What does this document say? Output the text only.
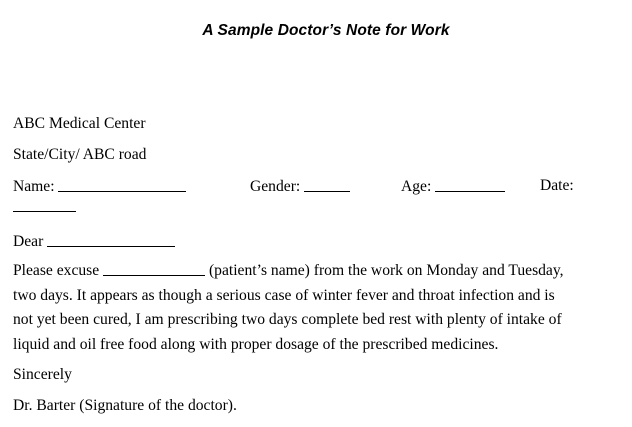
A Sample Doctor’s Note for Work
ABC Medical Center
State/City/ ABC road
Name:	Gender:	Age:	Date:
Dear
Please excuse	(patient’s name) from the work on Monday and Tuesday,
two days. It appears as though a serious case of winter fever and throat infection and is
not yet been cured, I am prescribing two days complete bed rest with plenty of intake of
liquid and oil free food along with proper dosage of the prescribed medicines.
Sincerely
Dr. Barter (Signature of the doctor).
